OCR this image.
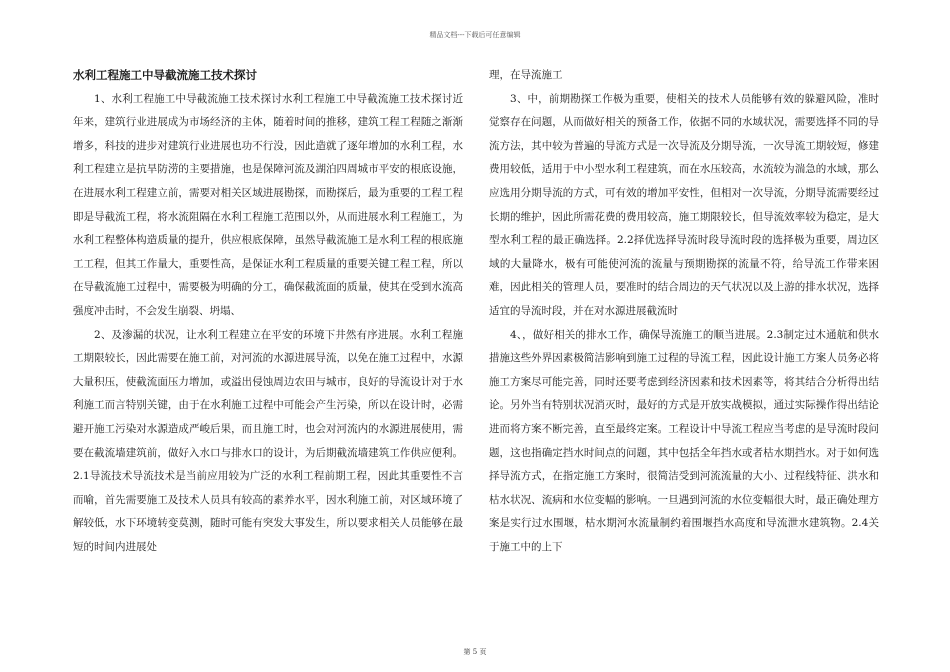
精品文档---下载后可任意编辑

水利工程施工中导截流施工技术探讨

1、水利工程施工中导截流施工技术探讨水利工程施工中导截流施工技术探讨近年来，建筑行业进展成为市场经济的主体，随着时间的推移，建筑工程工程随之渐渐增多，科技的进步对建筑行业进展也功不行没，因此造就了逐年增加的水利工程，水利工程建立是抗旱防涝的主要措施，也是保障河流及湖泊四周城市平安的根底设施，在进展水利工程建立前，需要对相关区域进展勘探，而勘探后，最为重要的工程工程即是导截流工程，将水流阻隔在水利工程施工范围以外，从而进展水利工程施工，为水利工程整体构造质量的提升，供应根底保障，虽然导截流施工是水利工程的根底施工工程，但其工作量大，重要性高，是保证水利工程质量的重要关键工程工程，所以在导截流施工过程中，需要极为明确的分工，确保截流面的质量，使其在受到水流高强度冲击时，不会发生崩裂、坍塌、

2、及渗漏的状况，让水利工程建立在平安的环境下井然有序进展。水利工程施工期限较长，因此需要在施工前，对河流的水源进展导流，以免在施工过程中，水源大量积压，使截流面压力增加，或溢出侵蚀周边农田与城市，良好的导流设计对于水利施工而言特别关键，由于在水利施工过程中可能会产生污染，所以在设计时，必需避开施工污染对水源造成严峻后果，而且施工时，也会对河流内的水源进展使用，需要在截流墙建筑前，做好入水口与排水口的设计，为后期截流墙建筑工作供应便利。2.1导流技术导流技术是当前应用较为广泛的水利工程前期工程，因此其重要性不言而喻，首先需要施工及技术人员具有较高的素养水平，因水利施工前，对区域环境了解较低，水下环境转变莫测，随时可能有突发大事发生，所以要求相关人员能够在最短的时间内进展处

理，在导流施工

3、中，前期勘探工作极为重要，使相关的技术人员能够有效的躲避风险，准时觉察存在问题，从而做好相关的预备工作，依据不同的水域状况，需要选择不同的导流方法，其中较为普遍的导流方式是一次导流及分期导流，一次导流工期较短，修建费用较低，适用于中小型水利工程建筑，而在水压较高，水流较为湍急的水域，那么应选用分期导流的方式，可有效的增加平安性，但相对一次导流，分期导流需要经过长期的维护，因此所需花费的费用较高，施工期限较长，但导流效率较为稳定，是大型水利工程的最正确选择。2.2择优选择导流时段导流时段的选择极为重要，周边区域的大量降水，极有可能使河流的流量与预期勘探的流量不符，给导流工作带来困难，因此相关的管理人员，要准时的结合周边的天气状况以及上游的排水状况，选择适宜的导流时段，并在对水源进展截流时

4、，做好相关的排水工作，确保导流施工的顺当进展。2.3制定过木通航和供水措施这些外界因素极简洁影响到施工过程的导流工程，因此设计施工方案人员务必将施工方案尽可能完善，同时还要考虑到经济因素和技术因素等，将其结合分析得出结论。另外当有特别状况消灭时，最好的方式是开放实战模拟，通过实际操作得出结论进而将方案不断完善，直至最终定案。工程设计中导流工程应当考虑的是导流时段问题，这也指确定挡水时间点的问题，其中包括全年挡水或者枯水期挡水。对于如何选择导流方式，在指定施工方案时，很简洁受到河流流量的大小、过程线特征、洪水和枯水状况、流病和水位变幅的影响。一旦遇到河流的水位变幅很大时，最正确处理方案是实行过水围堰，枯水期河水流量制约着围堰挡水高度和导流泄水建筑物。2.4关于施工中的上下

第 5 页
